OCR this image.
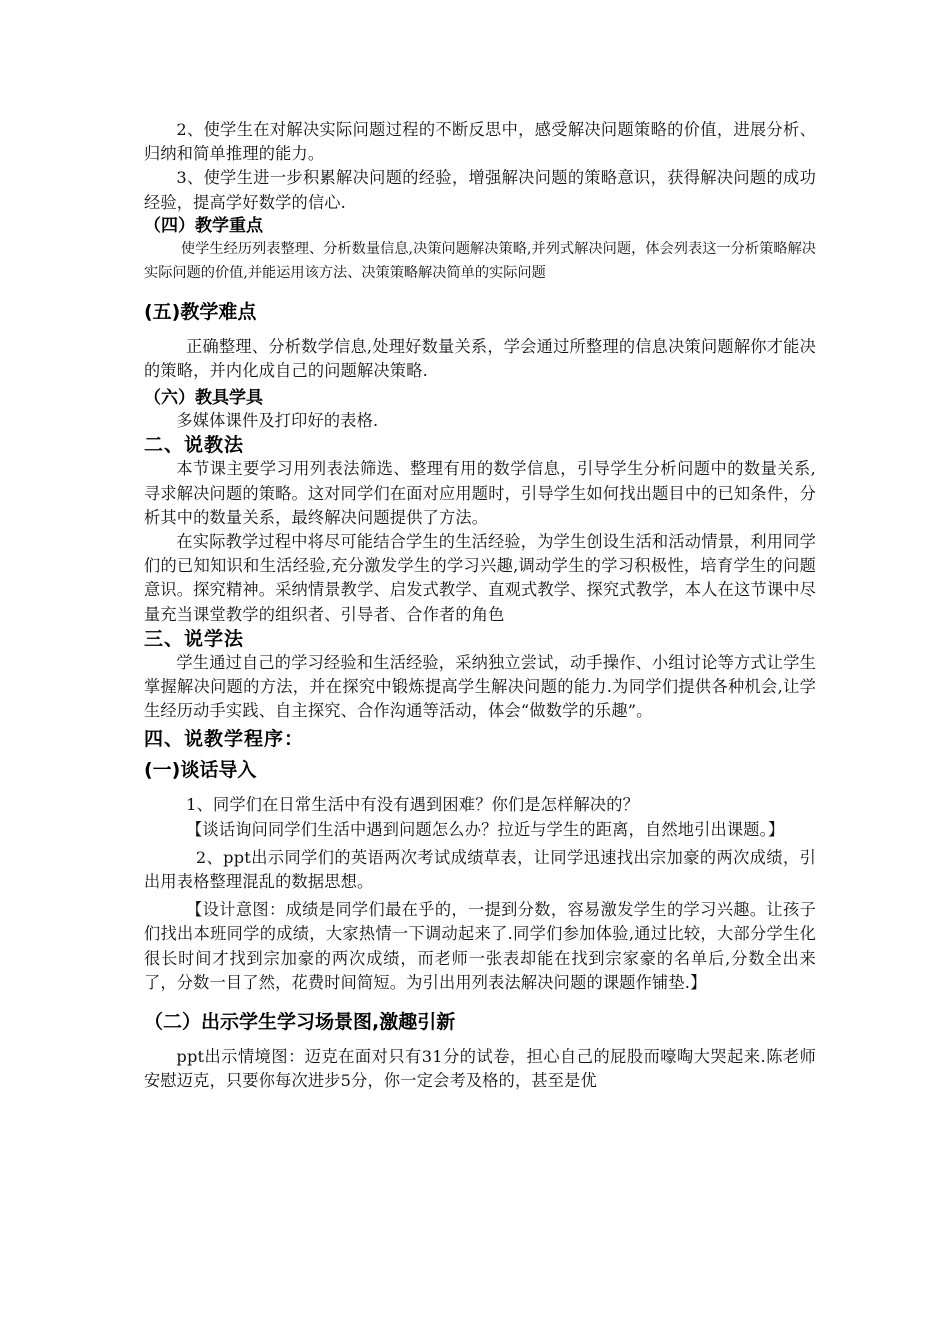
2、使学生在对解决实际问题过程的不断反思中，感受解决问题策略的价值，进展分析、归纳和简单推理的能力。

3、使学生进一步积累解决问题的经验，增强解决问题的策略意识，获得解决问题的成功经验，提高学好数学的信心.

（四）教学重点

使学生经历列表整理、分析数量信息,决策问题解决策略,并列式解决问题，体会列表这一分析策略解决实际问题的价值,并能运用该方法、决策策略解决简单的实际问题

(五)教学难点

正确整理、分析数学信息,处理好数量关系，学会通过所整理的信息决策问题解你才能决的策略，并内化成自己的问题解决策略.

（六）教具学具

多媒体课件及打印好的表格.

二、说教法

本节课主要学习用列表法筛选、整理有用的数学信息，引导学生分析问题中的数量关系,寻求解决问题的策略。这对同学们在面对应用题时，引导学生如何找出题目中的已知条件，分析其中的数量关系，最终解决问题提供了方法。

在实际教学过程中将尽可能结合学生的生活经验，为学生创设生活和活动情景，利用同学们的已知知识和生活经验,充分激发学生的学习兴趣,调动学生的学习积极性，培育学生的问题意识。探究精神。采纳情景教学、启发式教学、直观式教学、探究式教学，本人在这节课中尽量充当课堂教学的组织者、引导者、合作者的角色

三、说学法

学生通过自己的学习经验和生活经验，采纳独立尝试，动手操作、小组讨论等方式让学生掌握解决问题的方法，并在探究中锻炼提高学生解决问题的能力.为同学们提供各种机会,让学生经历动手实践、自主探究、合作沟通等活动，体会“做数学的乐趣”。

四、说教学程序：
(一)谈话导入

1、同学们在日常生活中有没有遇到困难？你们是怎样解决的？

【谈话询问同学们生活中遇到问题怎么办？拉近与学生的距离，自然地引出课题。】

2、ppt出示同学们的英语两次考试成绩草表，让同学迅速找出宗加豪的两次成绩，引出用表格整理混乱的数据思想。

【设计意图：成绩是同学们最在乎的，一提到分数，容易激发学生的学习兴趣。让孩子们找出本班同学的成绩，大家热情一下调动起来了.同学们参加体验,通过比较，大部分学生化很长时间才找到宗加豪的两次成绩，而老师一张表却能在找到宗家豪的名单后,分数全出来了，分数一目了然，花费时间简短。为引出用列表法解决问题的课题作铺垫.】

（二）出示学生学习场景图,激趣引新

ppt出示情境图：迈克在面对只有31分的试卷，担心自己的屁股而嚎啕大哭起来.陈老师安慰迈克，只要你每次进步5分，你一定会考及格的，甚至是优
